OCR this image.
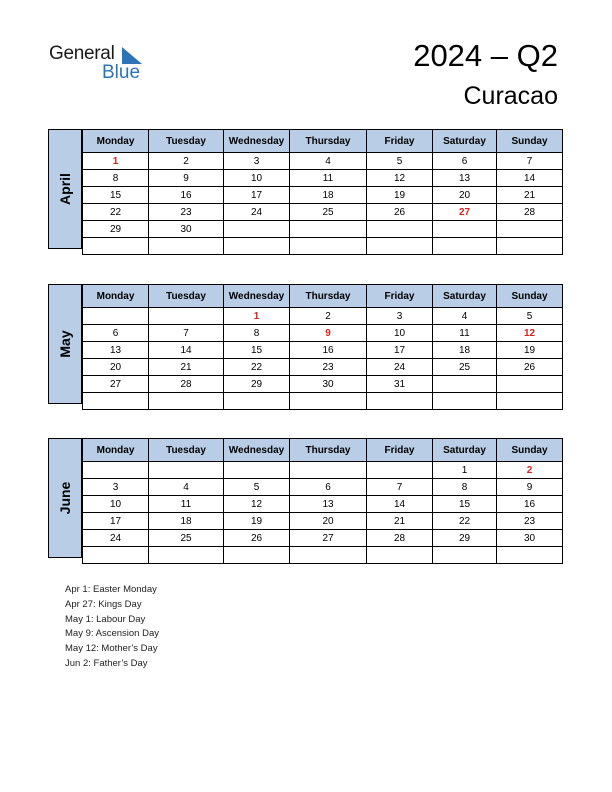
General
Blue	2024 – Q2
Curacao
April
Monday	Tuesday	Wednesday	Thursday	Friday	Saturday	Sunday
1	2	3	4	5	6	7
8	9	10	11	12	13	14
15	16	17	18	19	20	21
22	23	24	25	26	27	28
29	30					

May
Monday	Tuesday	Wednesday	Thursday	Friday	Saturday	Sunday
		1	2	3	4	5
6	7	8	9	10	11	12
13	14	15	16	17	18	19
20	21	22	23	24	25	26
27	28	29	30	31		

June
Monday	Tuesday	Wednesday	Thursday	Friday	Saturday	Sunday
					1	2
3	4	5	6	7	8	9
10	11	12	13	14	15	16
17	18	19	20	21	22	23
24	25	26	27	28	29	30

Apr 1: Easter Monday
Apr 27: Kings Day
May 1: Labour Day
May 9: Ascension Day
May 12: Mother’s Day
Jun 2: Father’s Day
